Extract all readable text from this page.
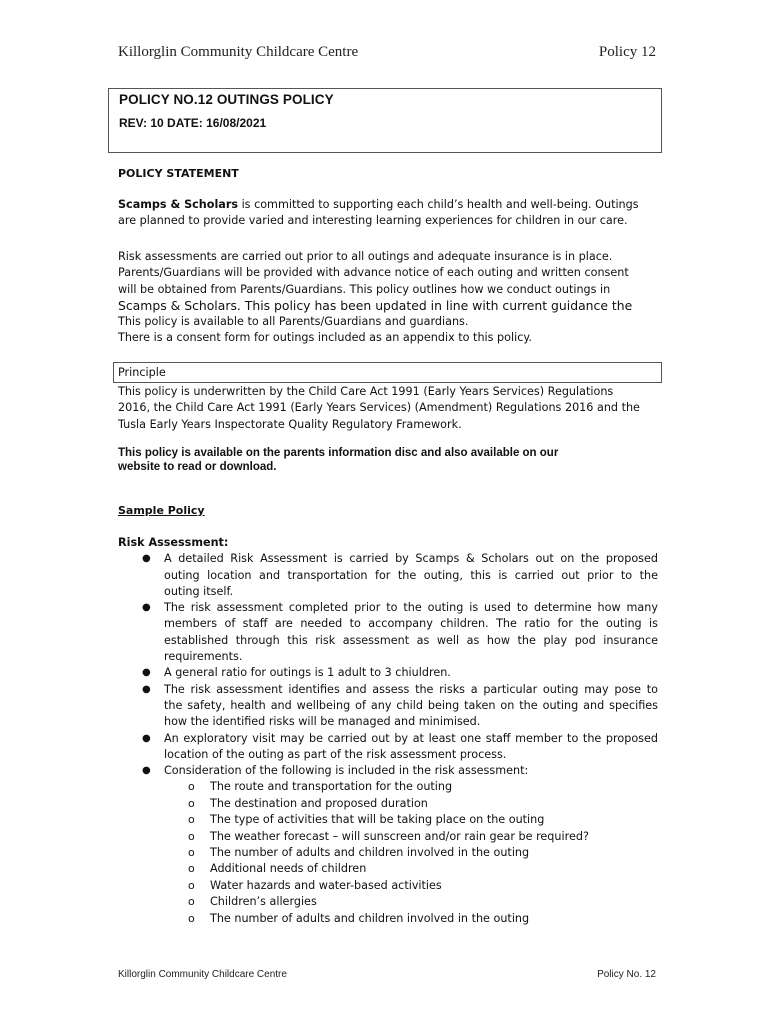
Killorglin Community Childcare Centre	Policy 12
POLICY NO.12 OUTINGS POLICY
REV: 10 DATE: 16/08/2021
POLICY STATEMENT
Scamps & Scholars is committed to supporting each child’s health and well-being. Outings
are planned to provide varied and interesting learning experiences for children in our care.
Risk assessments are carried out prior to all outings and adequate insurance is in place.
Parents/Guardians will be provided with advance notice of each outing and written consent
will be obtained from Parents/Guardians. This policy outlines how we conduct outings in
Scamps & Scholars. This policy has been updated in line with current guidance the
This policy is available to all Parents/Guardians and guardians.
There is a consent form for outings included as an appendix to this policy.
Principle
This policy is underwritten by the Child Care Act 1991 (Early Years Services) Regulations
2016, the Child Care Act 1991 (Early Years Services) (Amendment) Regulations 2016 and the
Tusla Early Years Inspectorate Quality Regulatory Framework.
This policy is available on the parents information disc and also available on our
website to read or download.
Sample Policy
Risk Assessment:
● A detailed Risk Assessment is carried by Scamps & Scholars out on the proposed
outing location and transportation for the outing, this is carried out prior to the
outing itself.
● The risk assessment completed prior to the outing is used to determine how many
members of staff are needed to accompany children. The ratio for the outing is
established through this risk assessment as well as how the play pod insurance
requirements.
● A general ratio for outings is 1 adult to 3 chiuldren.
● The risk assessment identifies and assess the risks a particular outing may pose to
the safety, health and wellbeing of any child being taken on the outing and specifies
how the identified risks will be managed and minimised.
● An exploratory visit may be carried out by at least one staff member to the proposed
location of the outing as part of the risk assessment process.
● Consideration of the following is included in the risk assessment:
o The route and transportation for the outing
o The destination and proposed duration
o The type of activities that will be taking place on the outing
o The weather forecast – will sunscreen and/or rain gear be required?
o The number of adults and children involved in the outing
o Additional needs of children
o Water hazards and water-based activities
o Children’s allergies
o The number of adults and children involved in the outing
Killorglin Community Childcare Centre	Policy No. 12
